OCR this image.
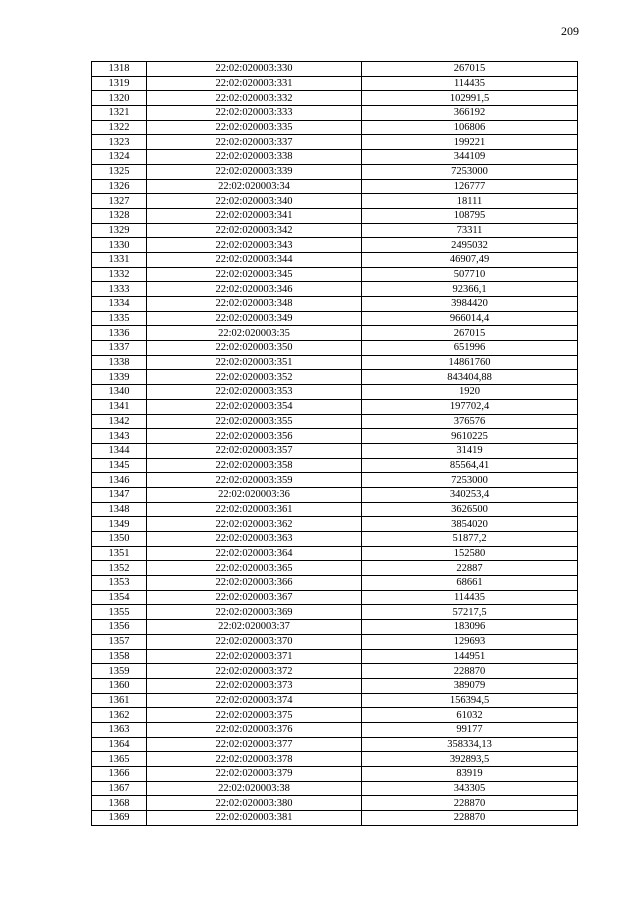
209
1318	22:02:020003:330	267015
1319	22:02:020003:331	114435
1320	22:02:020003:332	102991,5
1321	22:02:020003:333	366192
1322	22:02:020003:335	106806
1323	22:02:020003:337	199221
1324	22:02:020003:338	344109
1325	22:02:020003:339	7253000
1326	22:02:020003:34	126777
1327	22:02:020003:340	18111
1328	22:02:020003:341	108795
1329	22:02:020003:342	73311
1330	22:02:020003:343	2495032
1331	22:02:020003:344	46907,49
1332	22:02:020003:345	507710
1333	22:02:020003:346	92366,1
1334	22:02:020003:348	3984420
1335	22:02:020003:349	966014,4
1336	22:02:020003:35	267015
1337	22:02:020003:350	651996
1338	22:02:020003:351	14861760
1339	22:02:020003:352	843404,88
1340	22:02:020003:353	1920
1341	22:02:020003:354	197702,4
1342	22:02:020003:355	376576
1343	22:02:020003:356	9610225
1344	22:02:020003:357	31419
1345	22:02:020003:358	85564,41
1346	22:02:020003:359	7253000
1347	22:02:020003:36	340253,4
1348	22:02:020003:361	3626500
1349	22:02:020003:362	3854020
1350	22:02:020003:363	51877,2
1351	22:02:020003:364	152580
1352	22:02:020003:365	22887
1353	22:02:020003:366	68661
1354	22:02:020003:367	114435
1355	22:02:020003:369	57217,5
1356	22:02:020003:37	183096
1357	22:02:020003:370	129693
1358	22:02:020003:371	144951
1359	22:02:020003:372	228870
1360	22:02:020003:373	389079
1361	22:02:020003:374	156394,5
1362	22:02:020003:375	61032
1363	22:02:020003:376	99177
1364	22:02:020003:377	358334,13
1365	22:02:020003:378	392893,5
1366	22:02:020003:379	83919
1367	22:02:020003:38	343305
1368	22:02:020003:380	228870
1369	22:02:020003:381	228870
